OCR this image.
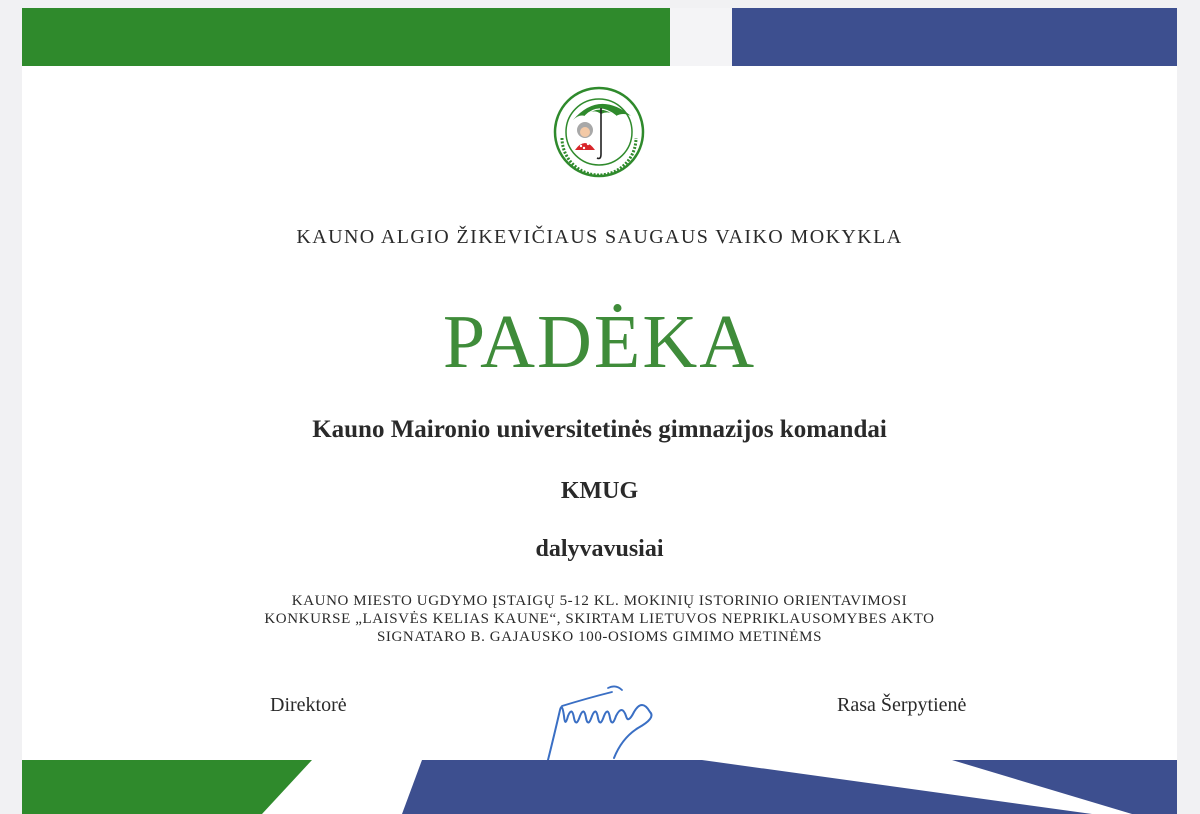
KAUNO ALGIO ŽIKEVIČIAUS SAUGAUS VAIKO MOKYKLA
PADĖKA
Kauno Maironio universitetinės gimnazijos komandai
KMUG
dalyvavusiai
KAUNO MIESTO UGDYMO ĮSTAIGŲ 5-12 KL. MOKINIŲ ISTORINIO ORIENTAVIMOSI
KONKURSE „LAISVĖS KELIAS KAUNE“, SKIRTAM LIETUVOS NEPRIKLAUSOMYBES AKTO
SIGNATARO B. GAJAUSKO 100-OSIOMS GIMIMO METINĖMS
Direktorė	Rasa Šerpytienė
